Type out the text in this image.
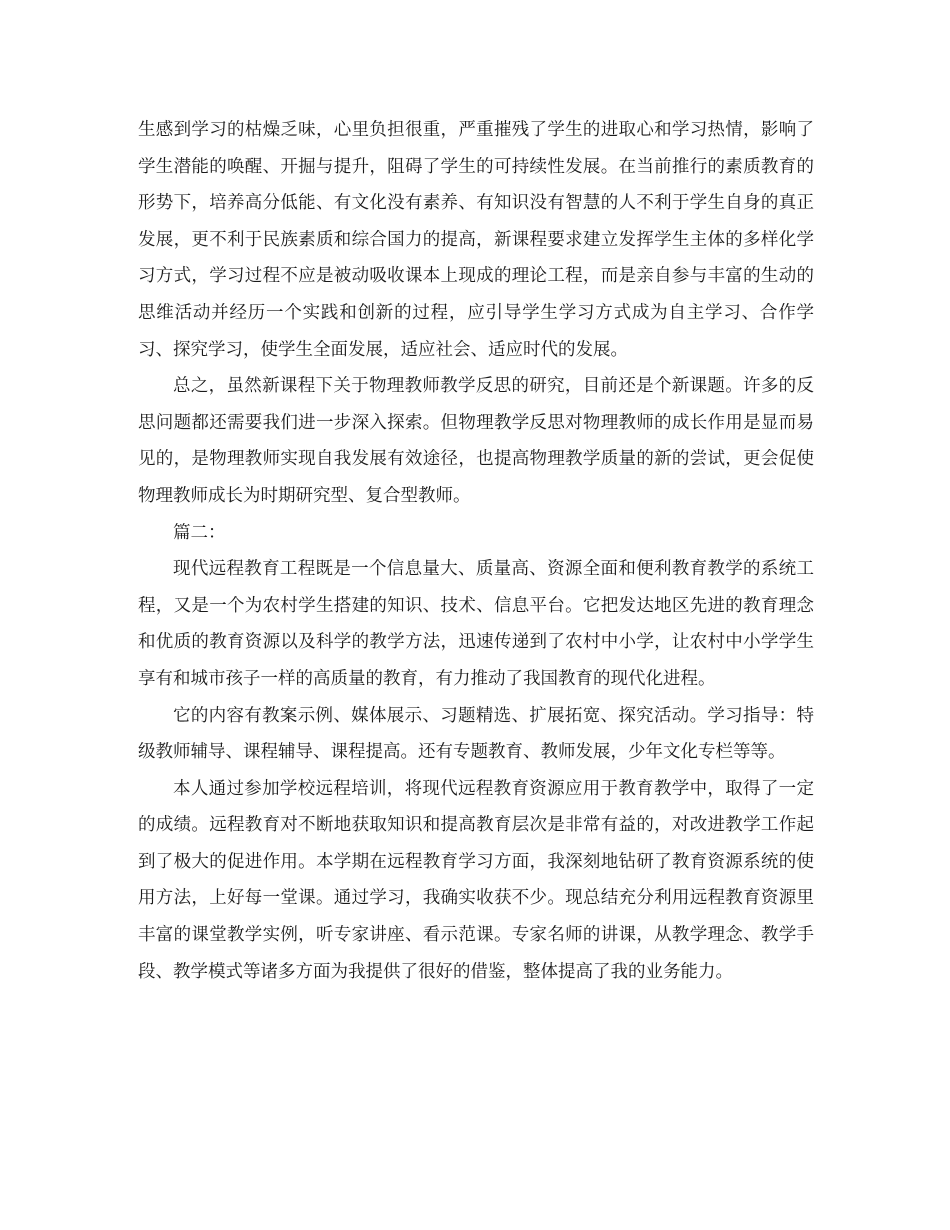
生感到学习的枯燥乏味，心里负担很重，严重摧残了学生的进取心和学习热情，影响了学生潜能的唤醒、开掘与提升，阻碍了学生的可持续性发展。在当前推行的素质教育的形势下，培养高分低能、有文化没有素养、有知识没有智慧的人不利于学生自身的真正发展，更不利于民族素质和综合国力的提高，新课程要求建立发挥学生主体的多样化学习方式，学习过程不应是被动吸收课本上现成的理论工程，而是亲自参与丰富的生动的思维活动并经历一个实践和创新的过程，应引导学生学习方式成为自主学习、合作学习、探究学习，使学生全面发展，适应社会、适应时代的发展。

总之，虽然新课程下关于物理教师教学反思的研究，目前还是个新课题。许多的反思问题都还需要我们进一步深入探索。但物理教学反思对物理教师的成长作用是显而易见的，是物理教师实现自我发展有效途径，也提高物理教学质量的新的尝试，更会促使物理教师成长为时期研究型、复合型教师。

篇二：

现代远程教育工程既是一个信息量大、质量高、资源全面和便利教育教学的系统工程，又是一个为农村学生搭建的知识、技术、信息平台。它把发达地区先进的教育理念和优质的教育资源以及科学的教学方法，迅速传递到了农村中小学，让农村中小学学生享有和城市孩子一样的高质量的教育，有力推动了我国教育的现代化进程。

它的内容有教案示例、媒体展示、习题精选、扩展拓宽、探究活动。学习指导：特级教师辅导、课程辅导、课程提高。还有专题教育、教师发展，少年文化专栏等等。

本人通过参加学校远程培训，将现代远程教育资源应用于教育教学中，取得了一定的成绩。远程教育对不断地获取知识和提高教育层次是非常有益的，对改进教学工作起到了极大的促进作用。本学期在远程教育学习方面，我深刻地钻研了教育资源系统的使用方法，上好每一堂课。通过学习，我确实收获不少。现总结充分利用远程教育资源里丰富的课堂教学实例，听专家讲座、看示范课。专家名师的讲课，从教学理念、教学手段、教学模式等诸多方面为我提供了很好的借鉴，整体提高了我的业务能力。
